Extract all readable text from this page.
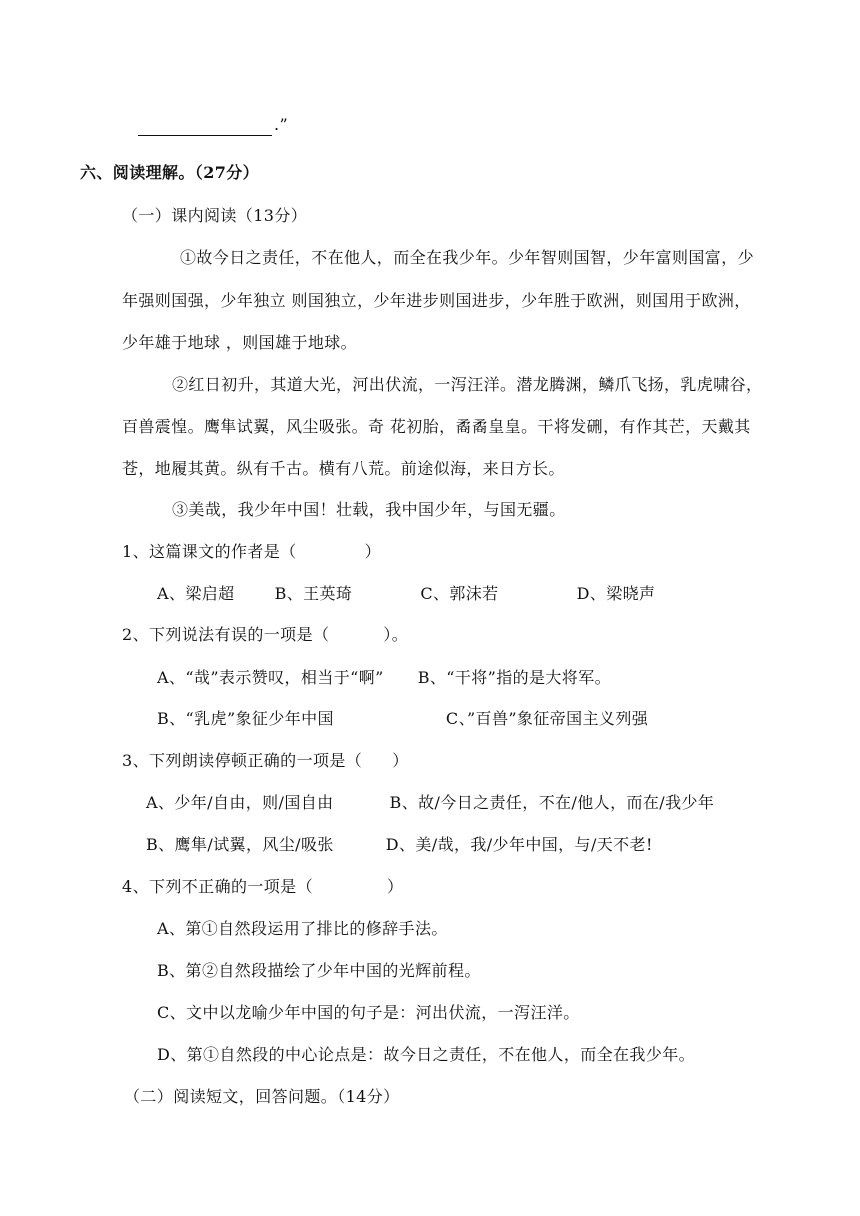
.”
六、阅读理解。（27分）
（一）课内阅读（13分）
①故今日之责任，不在他人，而全在我少年。少年智则国智，少年富则国富，少
年强则国强，少年独立 则国独立，少年进步则国进步，少年胜于欧洲，则国用于欧洲，
少年雄于地球 ，则国雄于地球。
②红日初升，其道大光，河出伏流，一泻汪洋。潜龙腾渊，鳞爪飞扬，乳虎啸谷，
百兽震惶。鹰隼试翼，风尘吸张。奇 花初胎，矞矞皇皇。干将发硎，有作其芒，天戴其
苍，地履其黄。纵有千古。横有八荒。前途似海，来日方长。
③美哉，我少年中国！壮载，我中国少年，与国无疆。
1、这篇课文的作者是（	）
A、梁启超	B、王英琦	C、郭沫若	D、梁晓声
2、下列说法有误的一项是（	）。
A、“哉”表示赞叹，相当于“啊” B、“干将”指的是大将军。
B、“乳虎”象征少年中国	C、”百兽”象征帝国主义列强
3、下列朗读停顿正确的一项是（ ）
A、少年/自由，则/国自由	B、故/今日之责任，不在/他人，而在/我少年
B、鹰隼/试翼，风尘/吸张	D、美/哉，我/少年中国，与/天不老!
4、下列不正确的一项是（	）
A、第①自然段运用了排比的修辞手法。
B、第②自然段描绘了少年中国的光辉前程。
C、文中以龙喻少年中国的句子是：河出伏流，一泻汪洋。
D、第①自然段的中心论点是：故今日之责任，不在他人，而全在我少年。
（二）阅读短文，回答问题。（14分）
